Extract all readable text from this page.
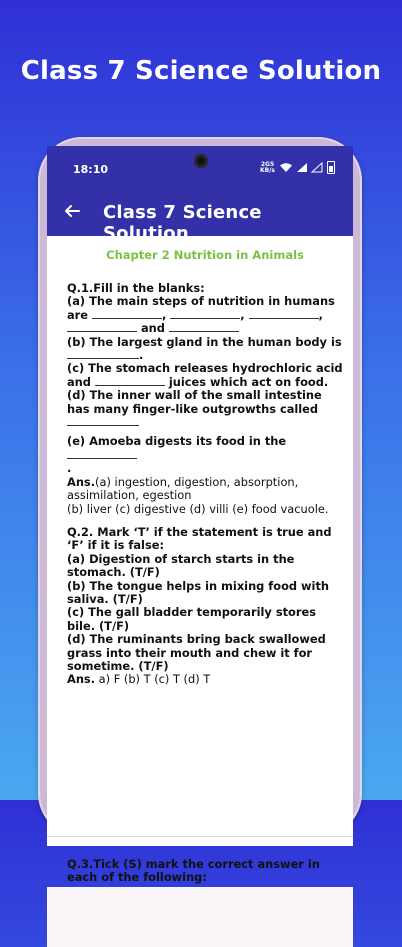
Class 7 Science Solution
18:10	2G5
KB/s
Class 7 Science Solution
Chapter 2 Nutrition in Animals
Q.1.Fill in the blanks:
(a) The main steps of nutrition in humans are	,	,	,  and
(b) The largest gland in the human body is .
(c) The stomach releases hydrochloric acid and	juices which act on food.
(d) The inner wall of the small intestine has many finger-like outgrowths called

(e) Amoeba digests its food in the
.
Ans.(a) ingestion, digestion, absorption, assimilation, egestion
(b) liver (c) digestive (d) villi (e) food vacuole.
Q.2. Mark ‘T’ if the statement is true and ‘F’ if it is false:
(a) Digestion of starch starts in the stomach. (T/F)
(b) The tongue helps in mixing food with saliva. (T/F)
(c) The gall bladder temporarily stores bile. (T/F)
(d) The ruminants bring back swallowed grass into their mouth and chew it for sometime. (T/F)
Ans. a) F (b) T (c) T (d) T
Q.3.Tick (S) mark the correct answer in each of the following:
